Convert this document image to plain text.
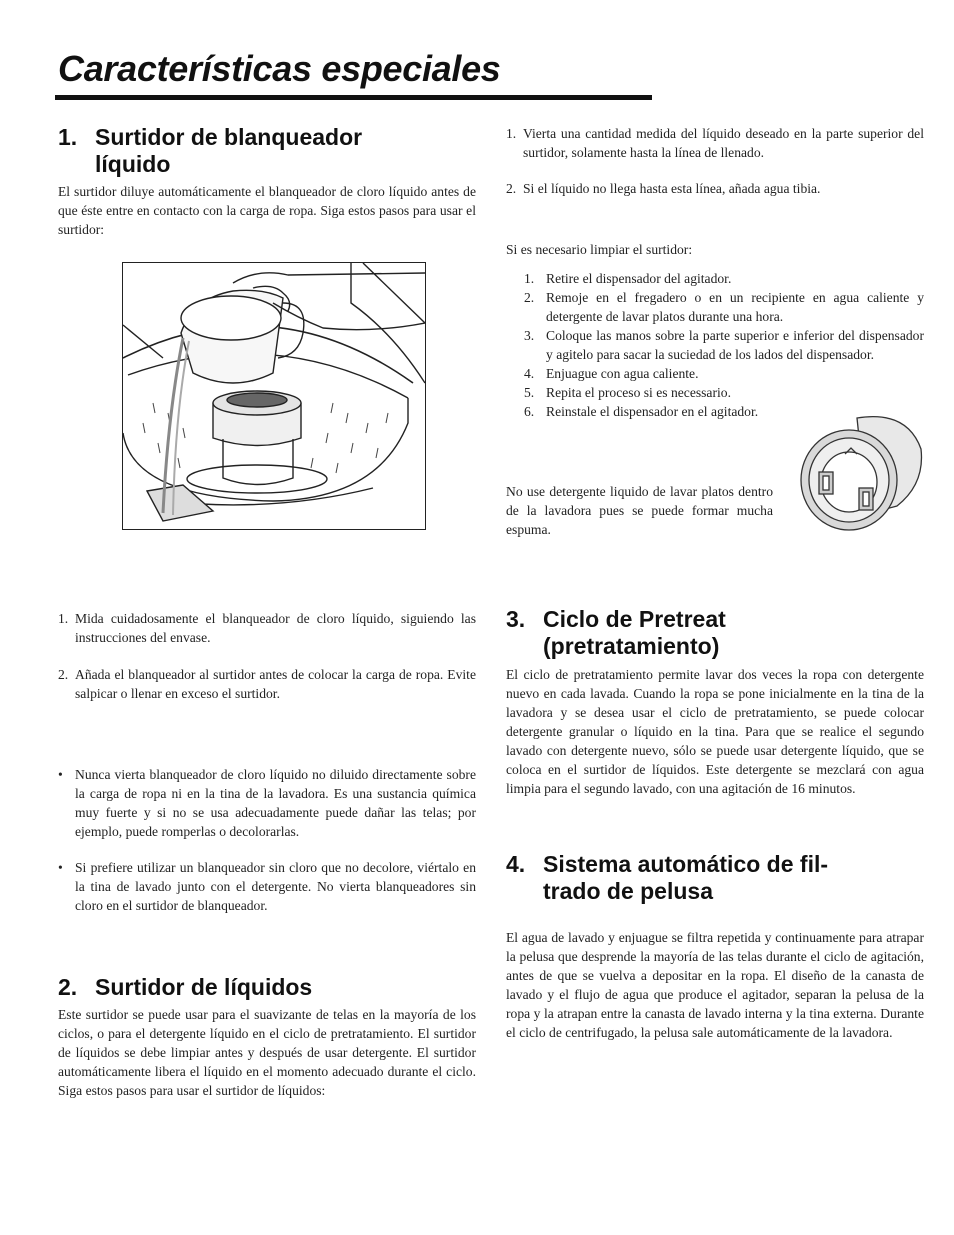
Características especiales
1. Surtidor de blanqueador
líquido

El surtidor diluye automáticamente el blanqueador de cloro líquido antes de que éste entre en contacto con la carga de ropa. Siga estos pasos para usar el surtidor:

1. Mida cuidadosamente el blanqueador de cloro líquido, siguiendo las instrucciones del envase.
2. Añada el blanqueador al surtidor antes de colocar la carga de ropa. Evite salpicar o llenar en exceso el surtidor.
• Nunca vierta blanqueador de cloro líquido no diluido directamente sobre la carga de ropa ni en la tina de la lavadora. Es una sustancia química muy fuerte y si no se usa adecuadamente puede dañar las telas; por ejemplo, puede romperlas o decolorarlas.
• Si prefiere utilizar un blanqueador sin cloro que no decolore, viértalo en la tina de lavado junto con el detergente. No vierta blanqueadores sin cloro en el surtidor de blanqueador.
2. Surtidor de líquidos

Este surtidor se puede usar para el suavizante de telas en la mayoría de los ciclos, o para el detergente líquido en el ciclo de pretratamiento. El surtidor de líquidos se debe limpiar antes y después de usar detergente. El surtidor automáticamente libera el líquido en el momento adecuado durante el ciclo. Siga estos pasos para usar el surtidor de líquidos:

1. Vierta una cantidad medida del líquido deseado en la parte superior del surtidor, solamente hasta la línea de llenado.
2. Si el líquido no llega hasta esta línea, añada agua tibia.

Si es necesario limpiar el surtidor:

1. Retire el dispensador del agitador.
2. Remoje en el fregadero o en un recipiente en agua caliente y detergente de lavar platos durante una hora.
3. Coloque las manos sobre la parte superior e inferior del dispensador y agitelo para sacar la suciedad de los lados del dispensador.
4. Enjuague con agua caliente.
5. Repita el proceso si es necessario.
6. Reinstale el dispensador en el agitador.

No use detergente liquido de lavar platos dentro de la lavadora pues se puede formar mucha espuma.

3. Ciclo de Pretreat
(pretratamiento)

El ciclo de pretratamiento permite lavar dos veces la ropa con detergente nuevo en cada lavada. Cuando la ropa se pone inicialmente en la tina de la lavadora y se desea usar el ciclo de pretratamiento, se puede colocar detergente granular o líquido en la tina. Para que se realice el segundo lavado con detergente nuevo, sólo se puede usar detergente líquido, que se coloca en el surtidor de líquidos. Este detergente se mezclará con agua limpia para el segundo lavado, con una agitación de 16 minutos.

4. Sistema automático de fil-
trado de pelusa

El agua de lavado y enjuague se filtra repetida y continuamente para atrapar la pelusa que desprende la mayoría de las telas durante el ciclo de agitación, antes de que se vuelva a depositar en la ropa. El diseño de la canasta de lavado y el flujo de agua que produce el agitador, separan la pelusa de la ropa y la atrapan entre la canasta de lavado interna y la tina externa. Durante el ciclo de centrifugado, la pelusa sale automáticamente de la lavadora.
